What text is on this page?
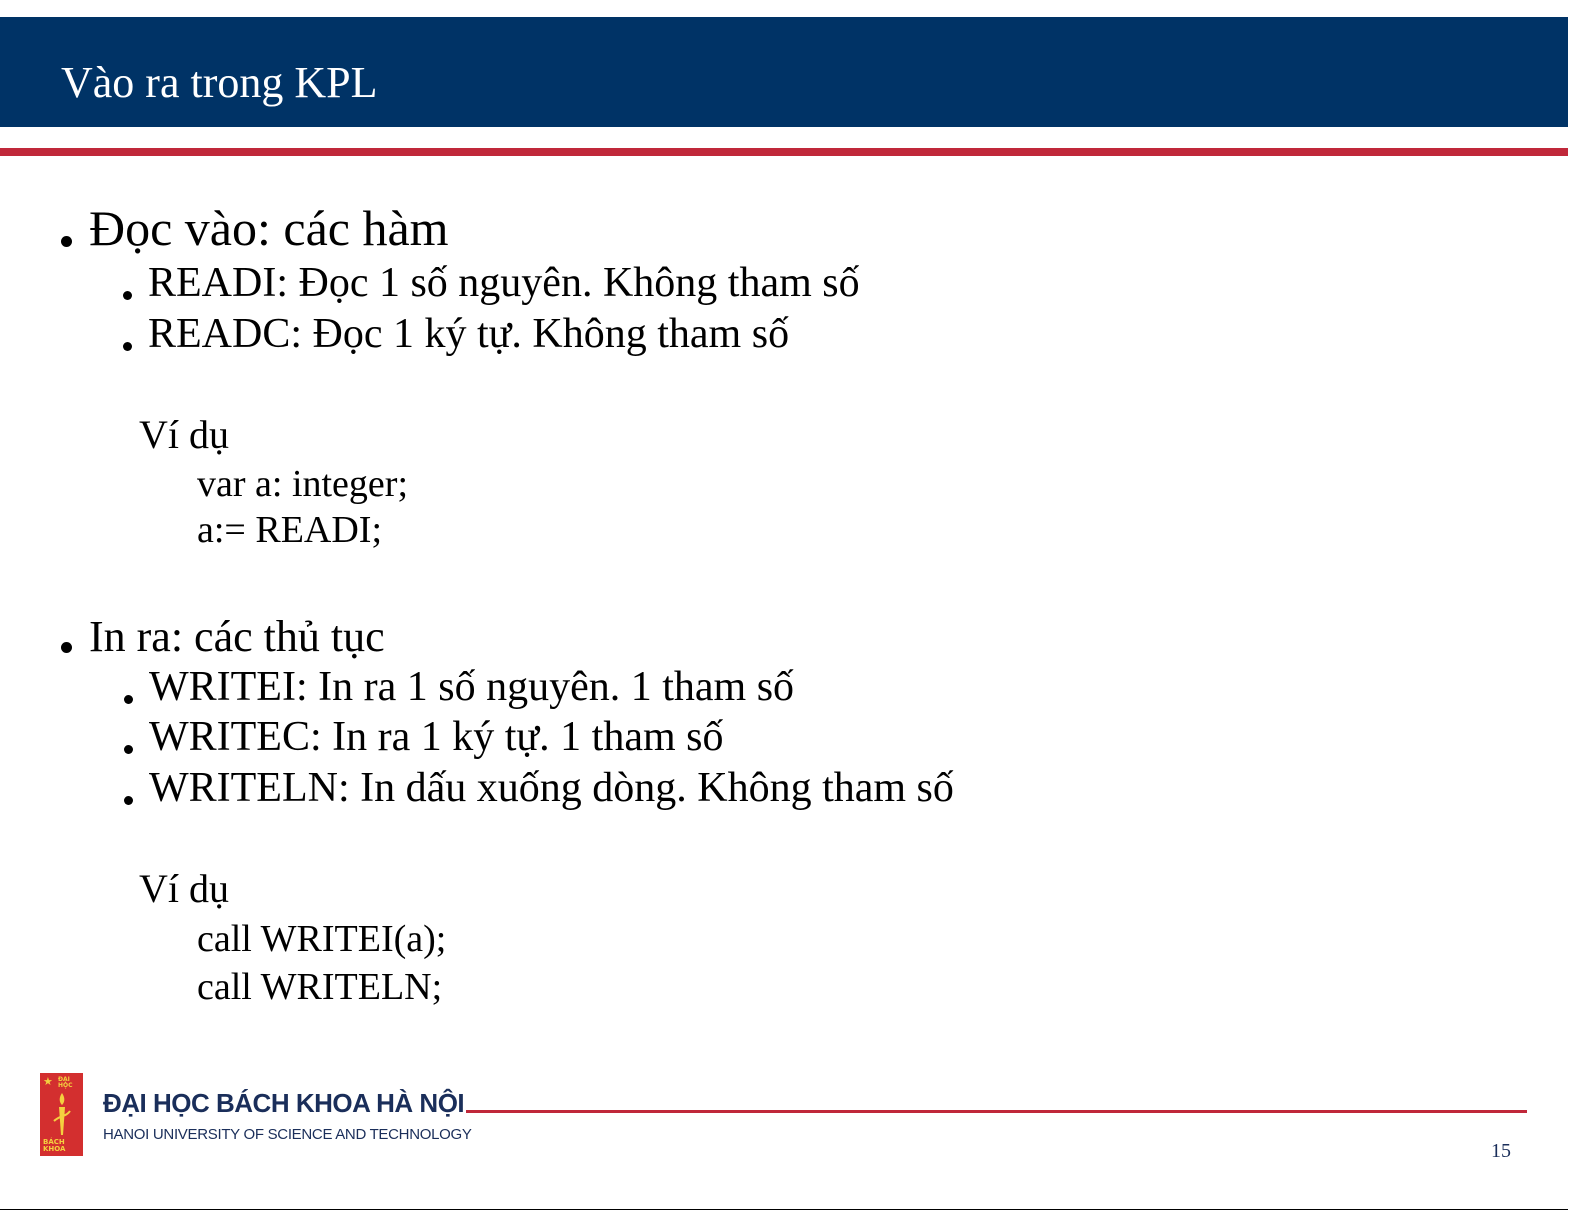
Vào ra trong KPL
Đọc vào: các hàm
READI: Đọc 1 số nguyên. Không tham số
READC: Đọc 1 ký tự. Không tham số
Ví dụ
var a: integer;
a:= READI;
In ra: các thủ tục
WRITEI: In ra 1 số nguyên. 1 tham số
WRITEC: In ra 1 ký tự. 1 tham số
WRITELN: In dấu xuống dòng. Không tham số
Ví dụ
call WRITEI(a);
call WRITELN;
★ ĐẠI HỌC
BÁCH KHOA
ĐẠI HỌC BÁCH KHOA HÀ NỘI
HANOI UNIVERSITY OF SCIENCE AND TECHNOLOGY
15
